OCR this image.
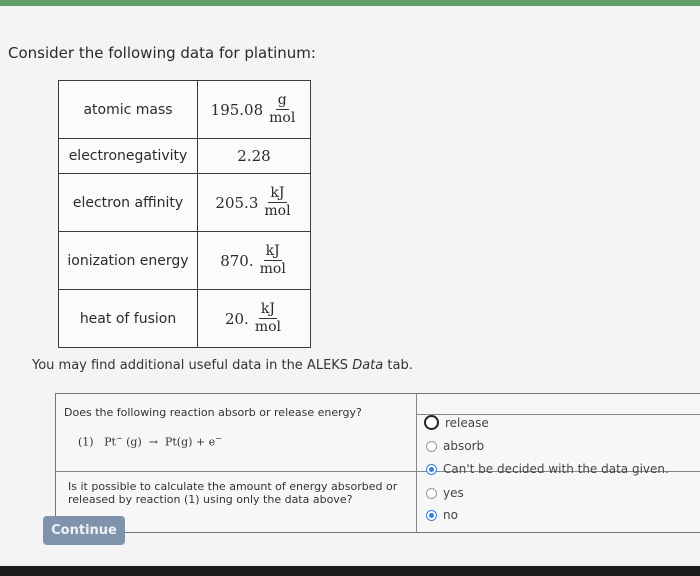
Consider the following data for platinum:
atomic mass	$195.08 \frac{g}{\text{mol}}$

electronegativity	2.28
electron affinity	$205.3 \frac{kJ}{\text{mol}}$

ionization energy	870. $\frac{kJ}{\text{mol}}$

heat of fusion	20. $\frac{kJ}{\text{mol}}$
You may find additional useful data in the ALEKS Data tab.
Does the following reaction absorb or release energy?
(1) Pt− (g) → Pt(g) + e−
Is it possible to calculate the amount of energy absorbed or released by reaction (1) using only the data above?
release
absorb
Can't be decided with the data given.
yes
no
Continue
